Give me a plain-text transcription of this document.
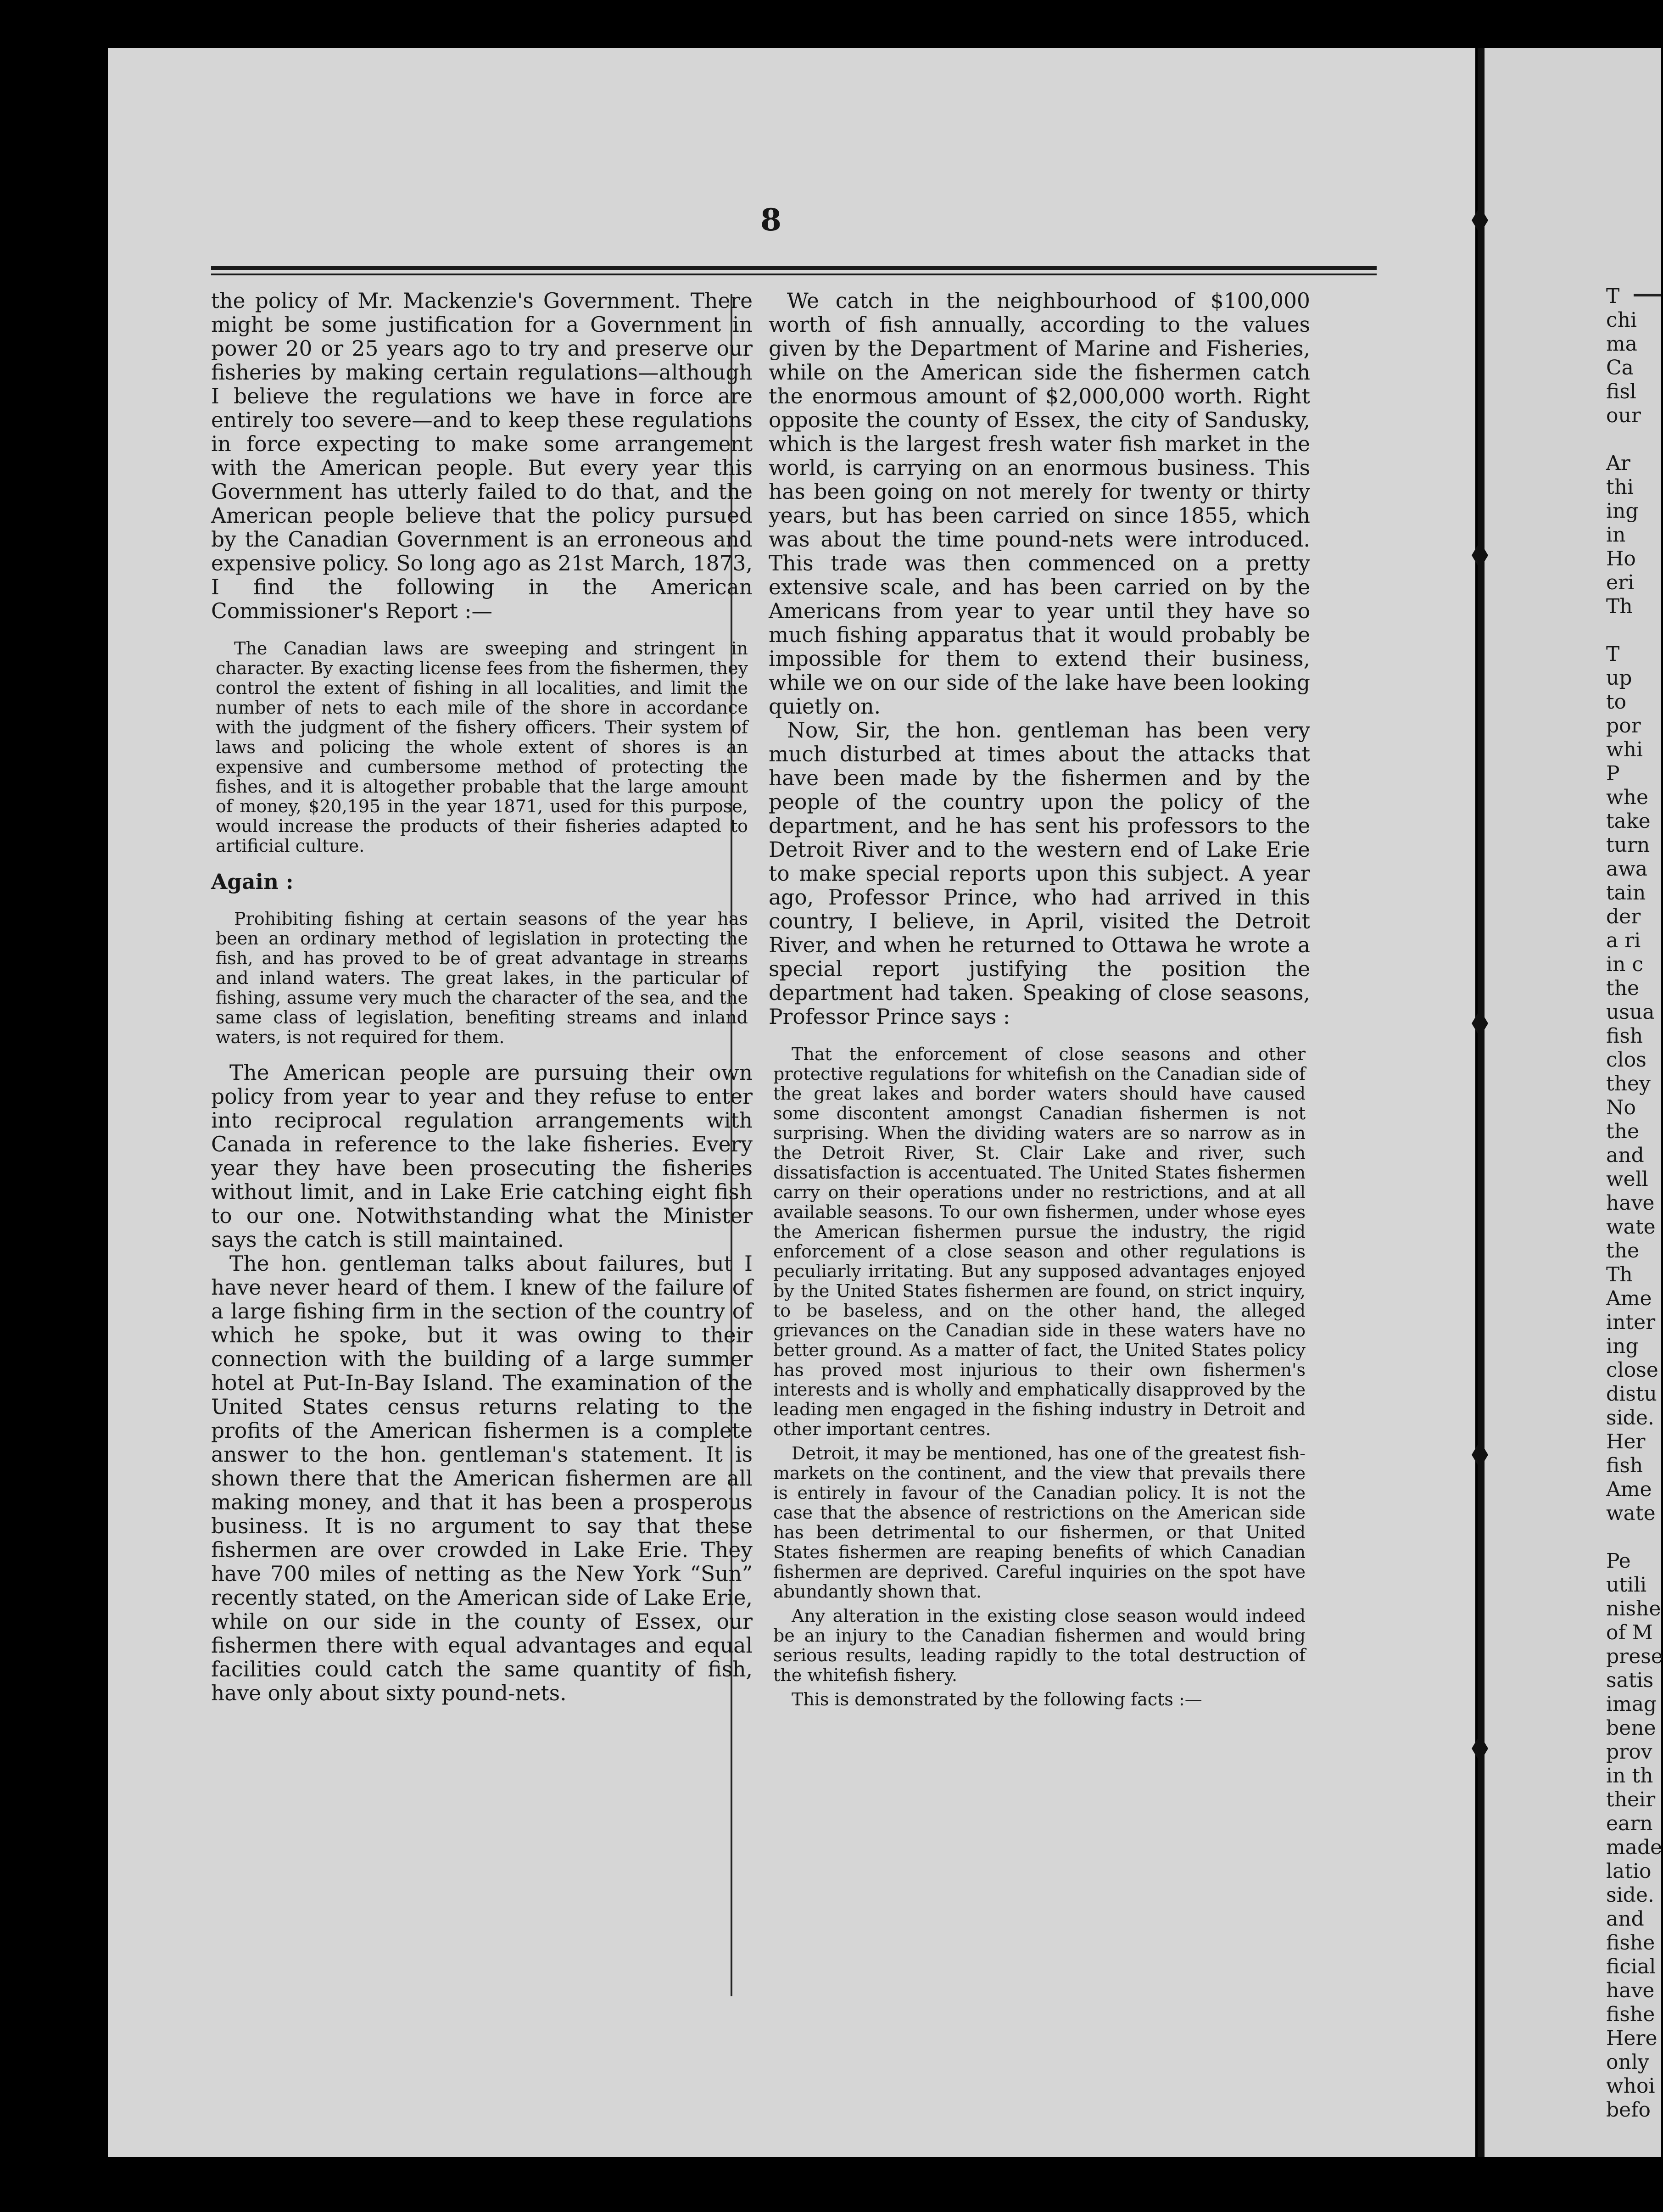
8

the policy of Mr. Mackenzie's Government. There might be some justification for a Government in power 20 or 25 years ago to try and preserve our fisheries by making certain regulations—although I believe the regulations we have in force are entirely too severe—and to keep these regulations in force expecting to make some arrangement with the American people. But every year this Government has utterly failed to do that, and the American people believe that the policy pursued by the Canadian Government is an erroneous and expensive policy. So long ago as 21st March, 1873, I find the following in the American Commissioner's Report :—

The Canadian laws are sweeping and stringent in character. By exacting license fees from the fishermen, they control the extent of fishing in all localities, and limit the number of nets to each mile of the shore in accordance with the judgment of the fishery officers. Their system of laws and policing the whole extent of shores is an expensive and cumbersome method of protecting the fishes, and it is altogether probable that the large amount of money, $20,195 in the year 1871, used for this purpose, would increase the products of their fisheries adapted to artificial culture.

Again :

Prohibiting fishing at certain seasons of the year has been an ordinary method of legislation in protecting the fish, and has proved to be of great advantage in streams and inland waters. The great lakes, in the particular of fishing, assume very much the character of the sea, and the same class of legislation, benefiting streams and inland waters, is not required for them.

The American people are pursuing their own policy from year to year and they refuse to enter into reciprocal regulation arrangements with Canada in reference to the lake fisheries. Every year they have been prosecuting the fisheries without limit, and in Lake Erie catching eight fish to our one. Notwithstanding what the Minister says the catch is still maintained.

The hon. gentleman talks about failures, but I have never heard of them. I knew of the failure of a large fishing firm in the section of the country of which he spoke, but it was owing to their connection with the building of a large summer hotel at Put-In-Bay Island. The examination of the United States census returns relating to the profits of the American fishermen is a complete answer to the hon. gentleman's statement. It is shown there that the American fishermen are all making money, and that it has been a prosperous business. It is no argument to say that these fishermen are over crowded in Lake Erie. They have 700 miles of netting as the New York “Sun” recently stated, on the American side of Lake Erie, while on our side in the county of Essex, our fishermen there with equal advantages and equal facilities could catch the same quantity of fish, have only about sixty pound-nets.

We catch in the neighbourhood of $100,000 worth of fish annually, according to the values given by the Department of Marine and Fisheries, while on the American side the fishermen catch the enormous amount of $2,000,000 worth. Right opposite the county of Essex, the city of Sandusky, which is the largest fresh water fish market in the world, is carrying on an enormous business. This has been going on not merely for twenty or thirty years, but has been carried on since 1855, which was about the time pound-nets were introduced. This trade was then commenced on a pretty extensive scale, and has been carried on by the Americans from year to year until they have so much fishing apparatus that it would probably be impossible for them to extend their business, while we on our side of the lake have been looking quietly on.

Now, Sir, the hon. gentleman has been very much disturbed at times about the attacks that have been made by the fishermen and by the people of the country upon the policy of the department, and he has sent his professors to the Detroit River and to the western end of Lake Erie to make special reports upon this subject. A year ago, Professor Prince, who had arrived in this country, I believe, in April, visited the Detroit River, and when he returned to Ottawa he wrote a special report justifying the position the department had taken. Speaking of close seasons, Professor Prince says :

That the enforcement of close seasons and other protective regulations for whitefish on the Canadian side of the great lakes and border waters should have caused some discontent amongst Canadian fishermen is not surprising. When the dividing waters are so narrow as in the Detroit River, St. Clair Lake and river, such dissatisfaction is accentuated. The United States fishermen carry on their operations under no restrictions, and at all available seasons. To our own fishermen, under whose eyes the American fishermen pursue the industry, the rigid enforcement of a close season and other regulations is peculiarly irritating. But any supposed advantages enjoyed by the United States fishermen are found, on strict inquiry, to be baseless, and on the other hand, the alleged grievances on the Canadian side in these waters have no better ground. As a matter of fact, the United States policy has proved most injurious to their own fishermen's interests and is wholly and emphatically disapproved by the leading men engaged in the fishing industry in Detroit and other important centres.

Detroit, it may be mentioned, has one of the greatest fish-markets on the continent, and the view that prevails there is entirely in favour of the Canadian policy. It is not the case that the absence of restrictions on the American side has been detrimental to our fishermen, or that United States fishermen are reaping benefits of which Canadian fishermen are deprived. Careful inquiries on the spot have abundantly shown that.

Any alteration in the existing close season would indeed be an injury to the Canadian fishermen and would bring serious results, leading rapidly to the total destruction of the whitefish fishery.

This is demonstrated by the following facts :—

T
chi
ma
Ca
fisl
our

Ar
thi
ing
in
Ho
eri
Th

T
up
to
por
whi
P
whe
take
turn
awa
tain
der
a ri
in c
the
usua
fish
clos
they
No
the
and
well
have
wate
the
Th
Ame
inter
ing
close
distu
side.
Her
fish
Ame
wate

Pe
utili
nishe
of M
prese
satis
imag
bene
prov
in th
their
earn
made
latio
side.
and
fishe
ficial
have
fishe
Here
only
whoi
befo
